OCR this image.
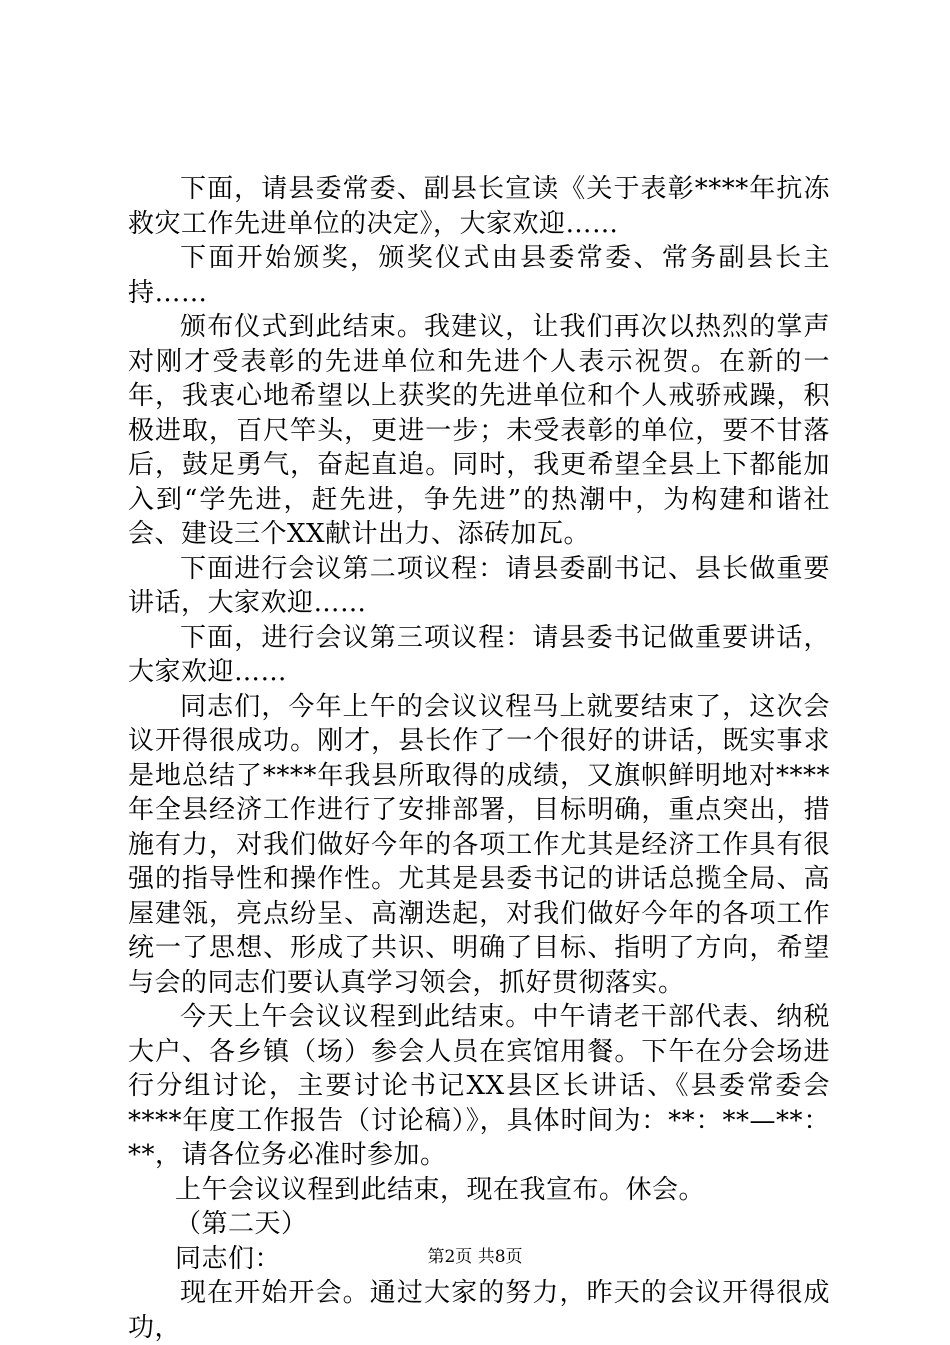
下面，请县委常委、副县长宣读《关于表彰****年抗冻救灾工作先进单位的决定》，大家欢迎……

下面开始颁奖，颁奖仪式由县委常委、常务副县长主持……

颁布仪式到此结束。我建议，让我们再次以热烈的掌声对刚才受表彰的先进单位和先进个人表示祝贺。在新的一年，我衷心地希望以上获奖的先进单位和个人戒骄戒躁，积极进取，百尺竿头，更进一步；未受表彰的单位，要不甘落后，鼓足勇气，奋起直追。同时，我更希望全县上下都能加入到“学先进，赶先进，争先进”的热潮中，为构建和谐社会、建设三个XX献计出力、添砖加瓦。

下面进行会议第二项议程：请县委副书记、县长做重要讲话，大家欢迎……

下面，进行会议第三项议程：请县委书记做重要讲话，大家欢迎……

同志们，今年上午的会议议程马上就要结束了，这次会议开得很成功。刚才，县长作了一个很好的讲话，既实事求是地总结了****年我县所取得的成绩，又旗帜鲜明地对****年全县经济工作进行了安排部署，目标明确，重点突出，措施有力，对我们做好今年的各项工作尤其是经济工作具有很强的指导性和操作性。尤其是县委书记的讲话总揽全局、高屋建瓴，亮点纷呈、高潮迭起，对我们做好今年的各项工作统一了思想、形成了共识、明确了目标、指明了方向，希望与会的同志们要认真学习领会，抓好贯彻落实。

今天上午会议议程到此结束。中午请老干部代表、纳税大户、各乡镇（场）参会人员在宾馆用餐。下午在分会场进行分组讨论，主要讨论书记XX县区长讲话、《县委常委会****年度工作报告（讨论稿）》，具体时间为：**：**—**：**，请各位务必准时参加。

上午会议议程到此结束，现在我宣布。休会。

（第二天）

同志们：

现在开始开会。通过大家的努力，昨天的会议开得很成功，

第2页 共8页
